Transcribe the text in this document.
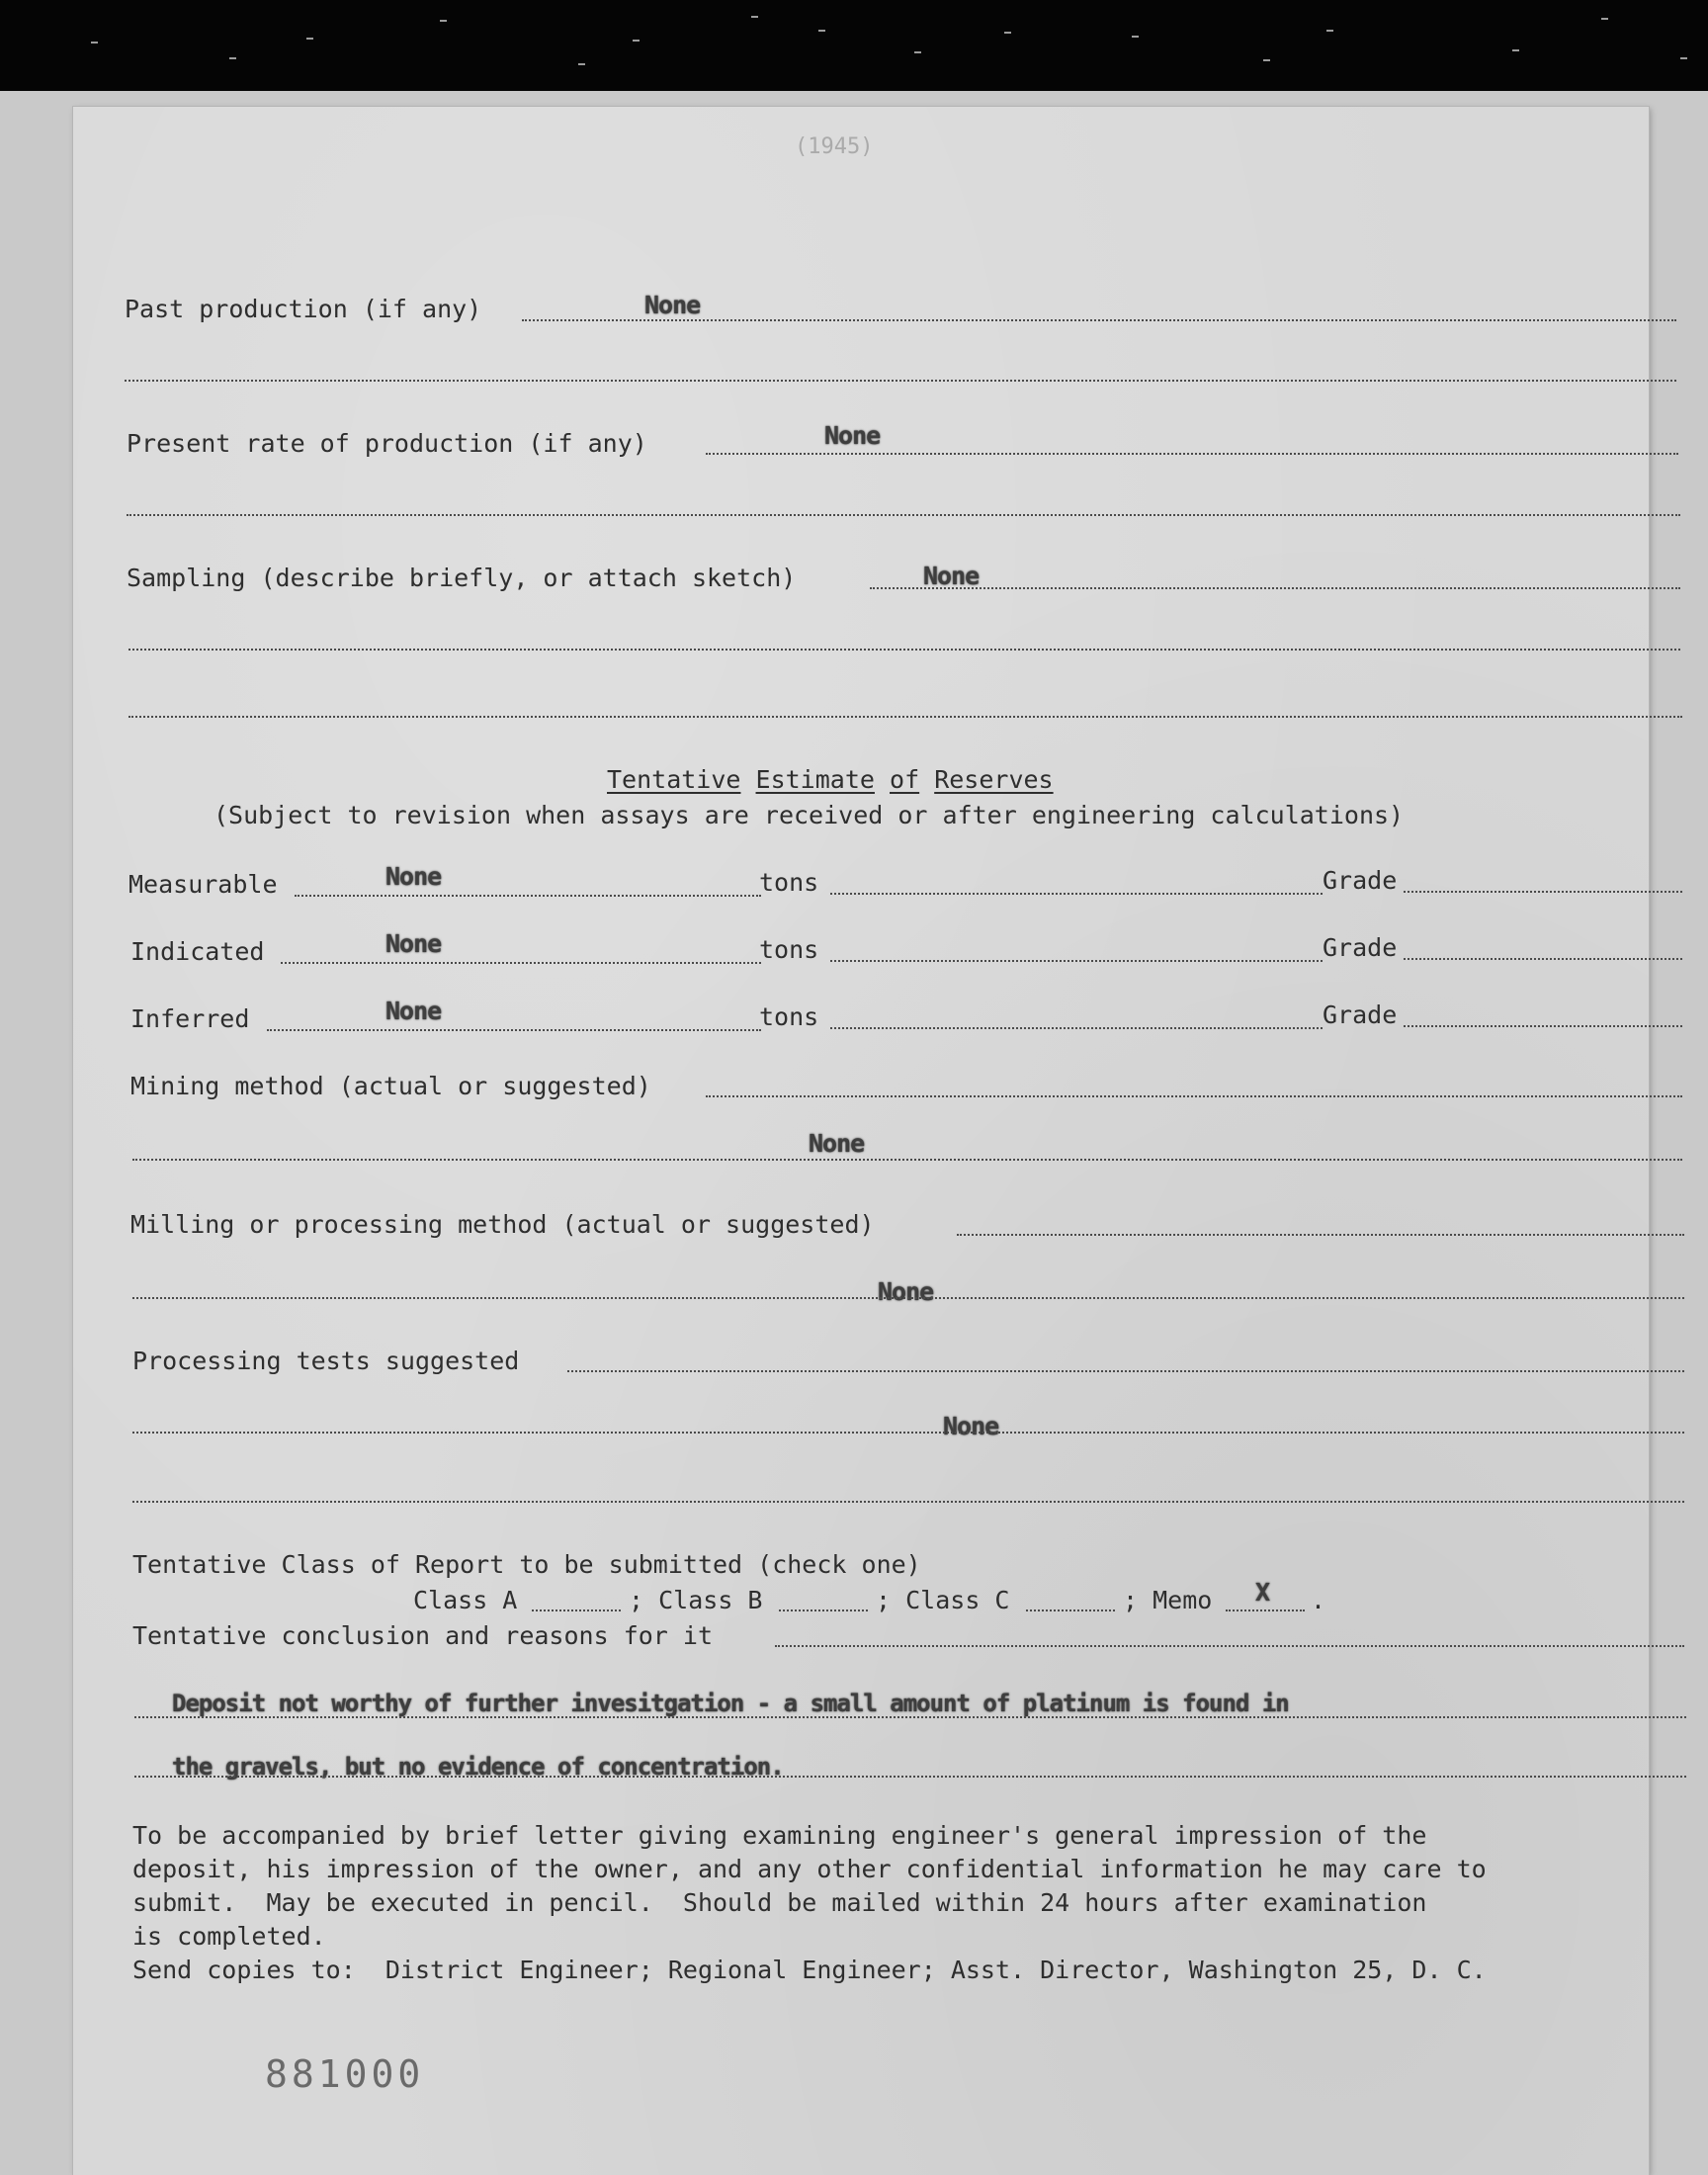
(1945)
Past production (if any)	None
Present rate of production (if any)	None
Sampling (describe briefly, or attach sketch)	None
Tentative Estimate of Reserves
(Subject to revision when assays are received or after engineering calculations)
Measurable	None	tons	Grade
Indicated	None	tons	Grade
Inferred	None	tons	Grade
Mining method (actual or suggested)
None
Milling or processing method (actual or suggested)
None
Processing tests suggested
None
Tentative Class of Report to be submitted (check one)
Class A	; Class B	; Class C	; Memo X .
Tentative conclusion and reasons for it
Deposit not worthy of further invesitgation - a small amount of platinum is found in
the gravels, but no evidence of concentration.
To be accompanied by brief letter giving examining engineer's general impression of the
deposit, his impression of the owner, and any other confidential information he may care to
submit.  May be executed in pencil.  Should be mailed within 24 hours after examination
is completed.
Send copies to:  District Engineer; Regional Engineer; Asst. Director, Washington 25, D. C.
881000
